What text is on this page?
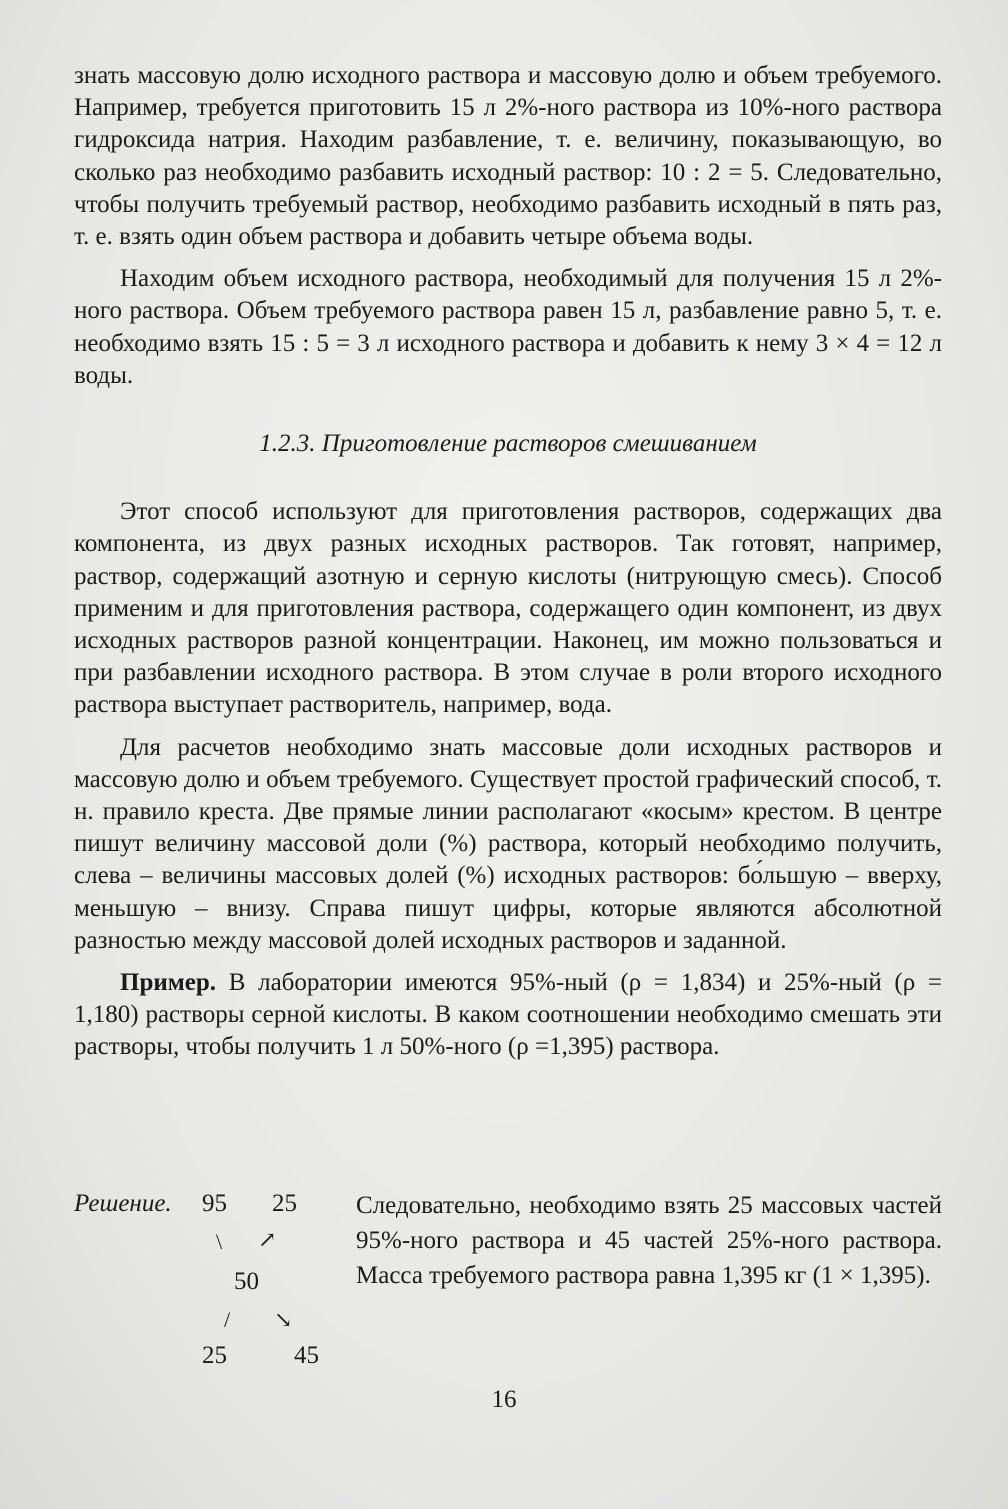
знать массовую долю исходного раствора и массовую долю и объем требуемого. Например, требуется приготовить 15 л 2%-ного раствора из 10%-ного раствора гидроксида натрия. Находим разбавление, т. е. величину, показывающую, во сколько раз необходимо разбавить исходный раствор: 10 : 2 = 5. Следовательно, чтобы получить требуемый раствор, необходимо разбавить исходный в пять раз, т. е. взять один объем раствора и добавить четыре объема воды.

Находим объем исходного раствора, необходимый для получения 15 л 2%-ного раствора. Объем требуемого раствора равен 15 л, разбавление равно 5, т. е. необходимо взять 15 : 5 = 3 л исходного раствора и добавить к нему 3 × 4 = 12 л воды.

1.2.3. Приготовление растворов смешиванием

Этот способ используют для приготовления растворов, содержащих два компонента, из двух разных исходных растворов. Так готовят, например, раствор, содержащий азотную и серную кислоты (нитрующую смесь). Способ применим и для приготовления раствора, содержащего один компонент, из двух исходных растворов разной концентрации. Наконец, им можно пользоваться и при разбавлении исходного раствора. В этом случае в роли второго исходного раствора выступает растворитель, например, вода.

Для расчетов необходимо знать массовые доли исходных растворов и массовую долю и объем требуемого. Существует простой графический способ, т. н. правило креста. Две прямые линии располагают «косым» крестом. В центре пишут величину массовой доли (%) раствора, который необходимо получить, слева – величины массовых долей (%) исходных растворов: бо́льшую – вверху, меньшую – внизу. Справа пишут цифры, которые являются абсолютной разностью между массовой долей исходных растворов и заданной.

Пример. В лаборатории имеются 95%-ный (ρ = 1,834) и 25%-ный (ρ = 1,180) растворы серной кислоты. В каком соотношении необходимо смешать эти растворы, чтобы получить 1 л 50%-ного (ρ =1,395) раствора.

Решение. 95 25
\ ↗
50
/ ↘
25	45

Следовательно, необходимо взять 25 массовых частей 95%-ного раствора и 45 частей 25%-ного раствора. Масса требуемого раствора равна 1,395 кг (1 × 1,395).

16
